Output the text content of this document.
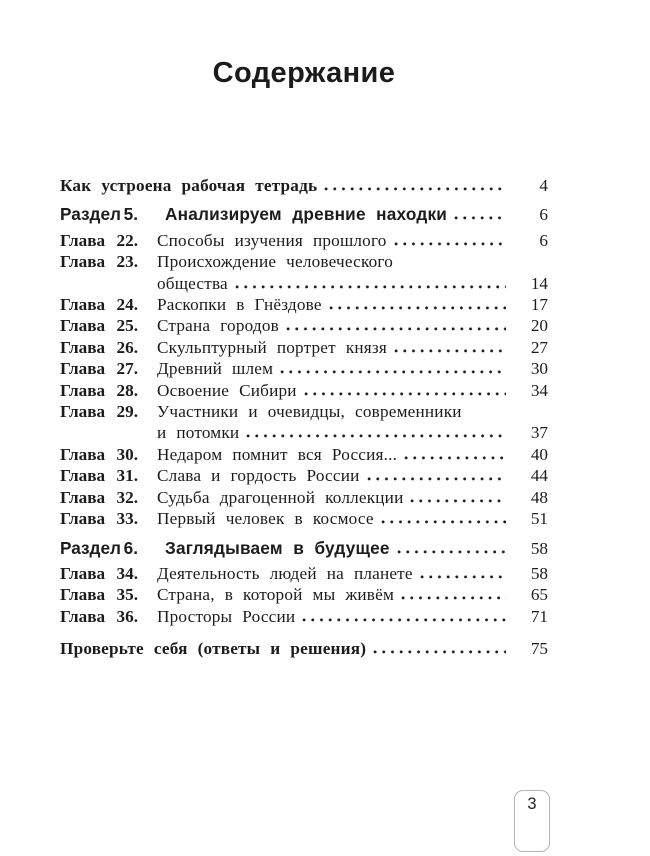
Содержание
Как устроена рабочая тетрадь	4
Раздел 5. Анализируем древние находки	6
Глава 22. Способы изучения прошлого	6
Глава 23. Происхождение человеческого
общества	14
Глава 24. Раскопки в Гнёздове	17
Глава 25. Страна городов	20
Глава 26. Скульптурный портрет князя	27
Глава 27. Древний шлем	30
Глава 28. Освоение Сибири	34
Глава 29. Участники и очевидцы, современники
и потомки	37
Глава 30. Недаром помнит вся Россия...	40
Глава 31. Слава и гордость России	44
Глава 32. Судьба драгоценной коллекции	48
Глава 33. Первый человек в космосе	51
Раздел 6. Заглядываем в будущее	58
Глава 34. Деятельность людей на планете	58
Глава 35. Страна, в которой мы живём	65
Глава 36. Просторы России	71
Проверьте себя (ответы и решения)	75
3
